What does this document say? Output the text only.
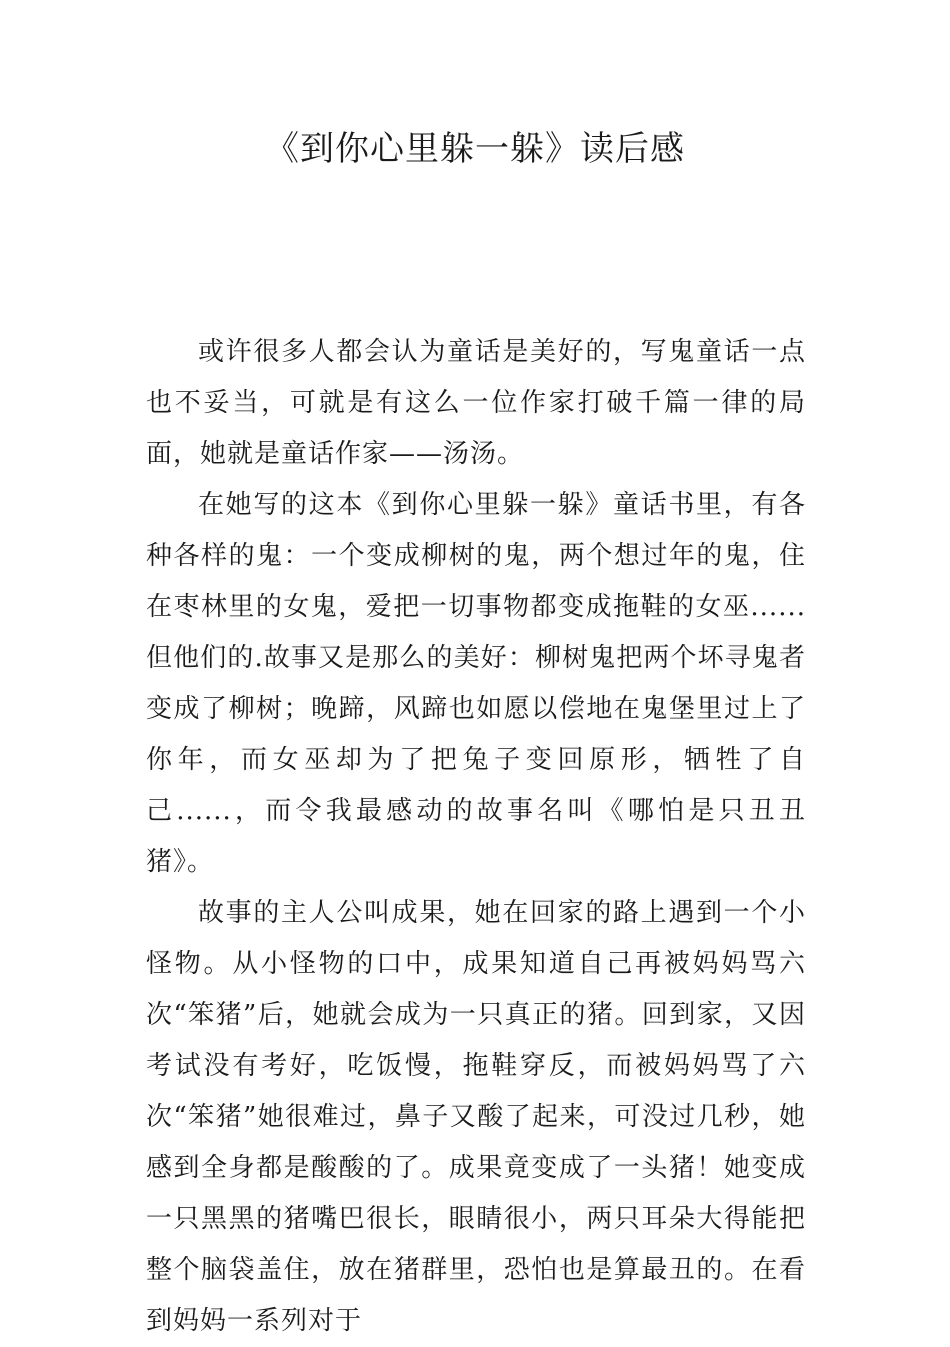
《到你心里躲一躲》读后感

或许很多人都会认为童话是美好的，写鬼童话一点也不妥当，可就是有这么一位作家打破千篇一律的局面，她就是童话作家——汤汤。

在她写的这本《到你心里躲一躲》童话书里，有各种各样的鬼：一个变成柳树的鬼，两个想过年的鬼，住在枣林里的女鬼，爱把一切事物都变成拖鞋的女巫......但他们的.故事又是那么的美好：柳树鬼把两个坏寻鬼者变成了柳树；晚蹄，风蹄也如愿以偿地在鬼堡里过上了你年，而女巫却为了把兔子变回原形，牺牲了自己......，而令我最感动的故事名叫《哪怕是只丑丑猪》。

故事的主人公叫成果，她在回家的路上遇到一个小怪物。从小怪物的口中，成果知道自己再被妈妈骂六次“笨猪”后，她就会成为一只真正的猪。回到家，又因考试没有考好，吃饭慢，拖鞋穿反，而被妈妈骂了六次“笨猪”她很难过，鼻子又酸了起来，可没过几秒，她感到全身都是酸酸的了。成果竟变成了一头猪！她变成一只黑黑的猪嘴巴很长，眼睛很小，两只耳朵大得能把整个脑袋盖住，放在猪群里，恐怕也是算最丑的。在看到妈妈一系列对于
